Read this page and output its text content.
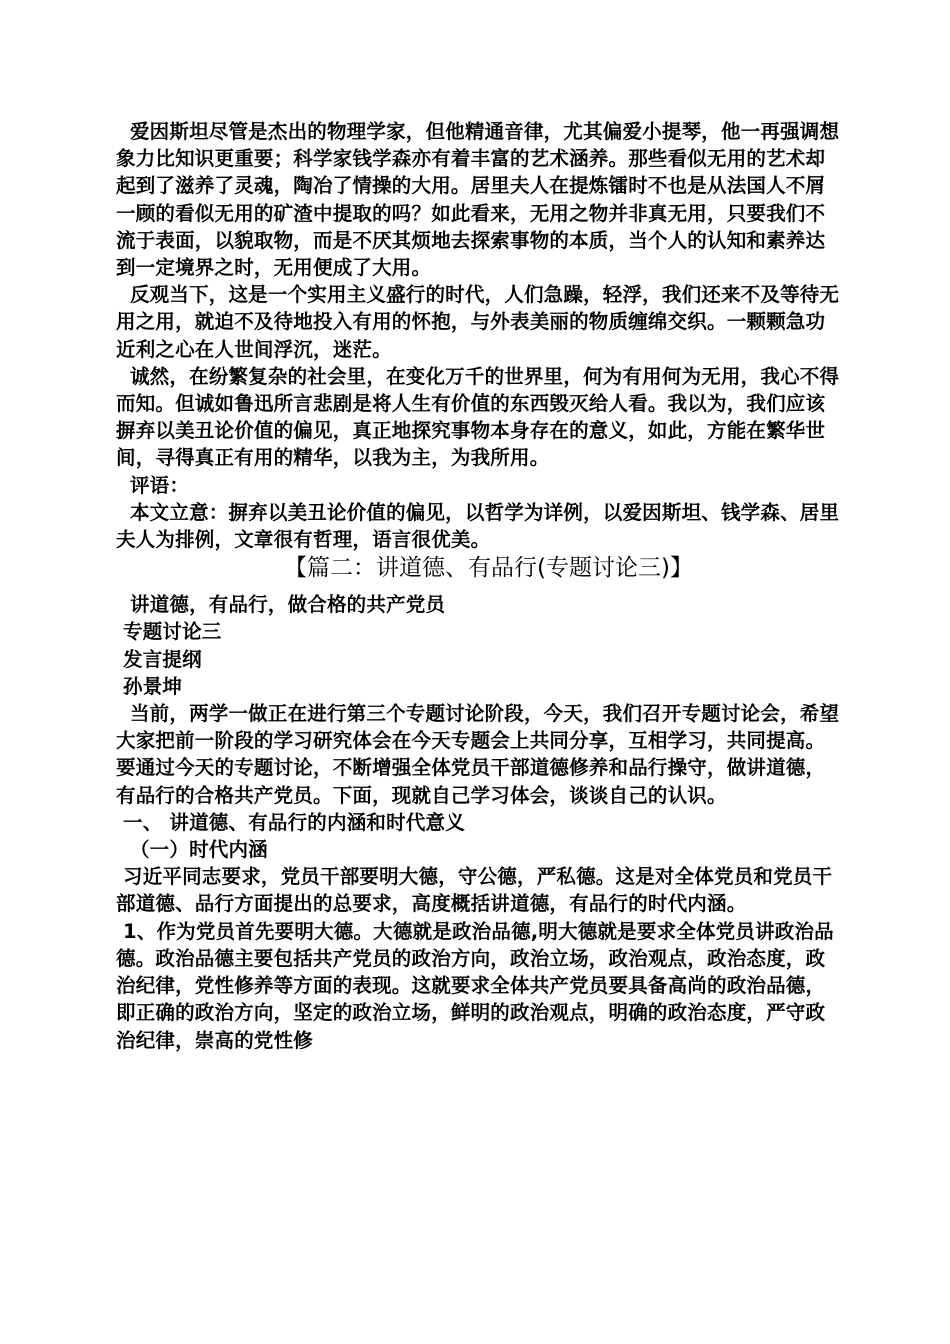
爱因斯坦尽管是杰出的物理学家，但他精通音律，尤其偏爱小提琴，他一再强调想象力比知识更重要；科学家钱学森亦有着丰富的艺术涵养。那些看似无用的艺术却起到了滋养了灵魂，陶冶了情操的大用。居里夫人在提炼镭时不也是从法国人不屑一顾的看似无用的矿渣中提取的吗？如此看来，无用之物并非真无用，只要我们不流于表面，以貌取物，而是不厌其烦地去探索事物的本质，当个人的认知和素养达到一定境界之时，无用便成了大用。

反观当下，这是一个实用主义盛行的时代，人们急躁，轻浮，我们还来不及等待无用之用，就迫不及待地投入有用的怀抱，与外表美丽的物质缠绵交织。一颗颗急功近利之心在人世间浮沉，迷茫。

诚然，在纷繁复杂的社会里，在变化万千的世界里，何为有用何为无用，我心不得而知。但诚如鲁迅所言悲剧是将人生有价值的东西毁灭给人看。我以为，我们应该摒弃以美丑论价值的偏见，真正地探究事物本身存在的意义，如此，方能在繁华世间，寻得真正有用的精华，以我为主，为我所用。

评语：

本文立意：摒弃以美丑论价值的偏见，以哲学为详例，以爱因斯坦、钱学森、居里夫人为排例，文章很有哲理，语言很优美。

【篇二：讲道德、有品行(专题讨论三)】

讲道德，有品行，做合格的共产党员

专题讨论三

发言提纲

孙景坤

当前，两学一做正在进行第三个专题讨论阶段，今天，我们召开专题讨论会，希望大家把前一阶段的学习研究体会在今天专题会上共同分享，互相学习，共同提高。要通过今天的专题讨论，不断增强全体党员干部道德修养和品行操守，做讲道德，有品行的合格共产党员。下面，现就自己学习体会，谈谈自己的认识。

一、 讲道德、有品行的内涵和时代意义

（一）时代内涵

习近平同志要求，党员干部要明大德，守公德，严私德。这是对全体党员和党员干部道德、品行方面提出的总要求，高度概括讲道德，有品行的时代内涵。

1、作为党员首先要明大德。大德就是政治品德,明大德就是要求全体党员讲政治品德。政治品德主要包括共产党员的政治方向，政治立场，政治观点，政治态度，政治纪律，党性修养等方面的表现。这就要求全体共产党员要具备高尚的政治品德，即正确的政治方向，坚定的政治立场，鲜明的政治观点，明确的政治态度，严守政治纪律，崇高的党性修
